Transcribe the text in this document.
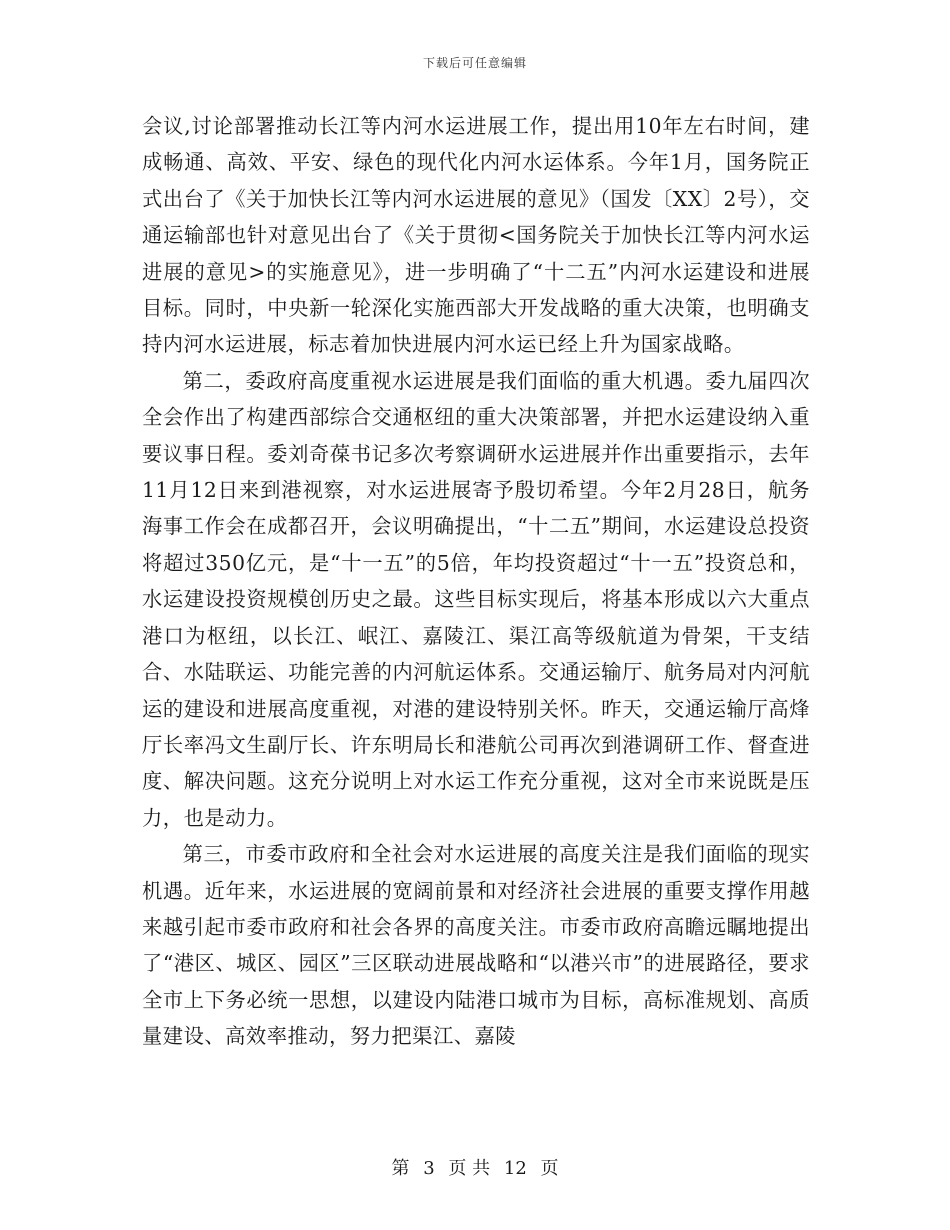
下载后可任意编辑

会议,讨论部署推动长江等内河水运进展工作，提出用10年左右时间，建成畅通、高效、平安、绿色的现代化内河水运体系。今年1月，国务院正式出台了《关于加快长江等内河水运进展的意见》（国发〔XX〕2号），交通运输部也针对意见出台了《关于贯彻<国务院关于加快长江等内河水运进展的意见>的实施意见》，进一步明确了“十二五”内河水运建设和进展目标。同时，中央新一轮深化实施西部大开发战略的重大决策，也明确支持内河水运进展，标志着加快进展内河水运已经上升为国家战略。

第二，委政府高度重视水运进展是我们面临的重大机遇。委九届四次全会作出了构建西部综合交通枢纽的重大决策部署，并把水运建设纳入重要议事日程。委刘奇葆书记多次考察调研水运进展并作出重要指示，去年11月12日来到港视察，对水运进展寄予殷切希望。今年2月28日，航务海事工作会在成都召开，会议明确提出，“十二五”期间，水运建设总投资将超过350亿元，是“十一五”的5倍，年均投资超过“十一五”投资总和，水运建设投资规模创历史之最。这些目标实现后，将基本形成以六大重点港口为枢纽，以长江、岷江、嘉陵江、渠江高等级航道为骨架，干支结合、水陆联运、功能完善的内河航运体系。交通运输厅、航务局对内河航运的建设和进展高度重视，对港的建设特别关怀。昨天，交通运输厅高烽厅长率冯文生副厅长、许东明局长和港航公司再次到港调研工作、督查进度、解决问题。这充分说明上对水运工作充分重视，这对全市来说既是压力，也是动力。

第三，市委市政府和全社会对水运进展的高度关注是我们面临的现实机遇。近年来，水运进展的宽阔前景和对经济社会进展的重要支撑作用越来越引起市委市政府和社会各界的高度关注。市委市政府高瞻远瞩地提出了“港区、城区、园区”三区联动进展战略和“以港兴市”的进展路径，要求全市上下务必统一思想，以建设内陆港口城市为目标，高标准规划、高质量建设、高效率推动，努力把渠江、嘉陵

第 3 页 共 12 页
